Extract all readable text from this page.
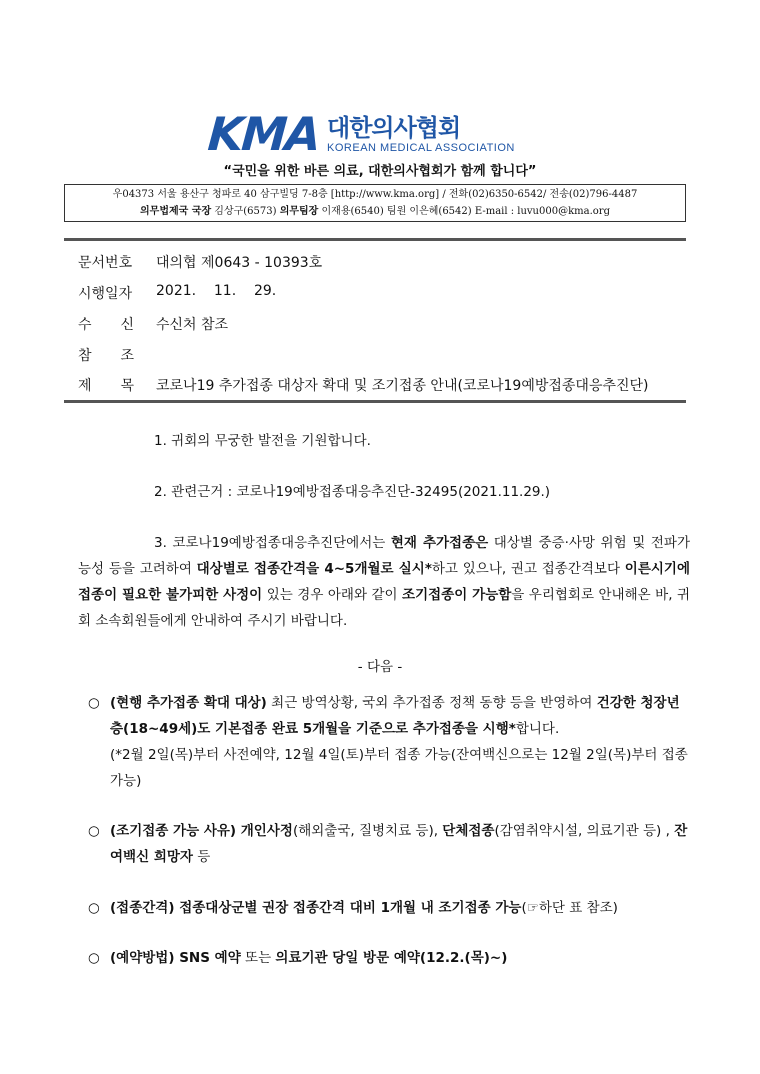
KMA 대한의사협회
KOREAN MEDICAL ASSOCIATION
“국민을 위한 바른 의료, 대한의사협회가 함께 합니다”
우04373 서울 용산구 청파로 40 삼구빌딩 7-8층 [http://www.kma.org] / 전화(02)6350-6542/ 전송(02)796-4487
의무법제국 국장 김상구(6573) 의무팀장 이재용(6540) 팀원 이은혜(6542) E-mail : luvu000@kma.org
문서번호	대의협 제0643 - 10393호
시행일자	2021.    11.    29.
수 신 수신처 참조
참 조
제 목 코로나19 추가접종 대상자 확대 및 조기접종 안내(코로나19예방접종대응추진단)
1. 귀회의 무궁한 발전을 기원합니다.
2. 관련근거 : 코로나19예방접종대응추진단-32495(2021.11.29.)
3. 코로나19예방접종대응추진단에서는 현재 추가접종은 대상별 중증·사망 위험 및 전파가능성 등을 고려하여 대상별로 접종간격을 4~5개월로 실시*하고 있으나, 권고 접종간격보다 이른시기에 접종이 필요한 불가피한 사정이 있는 경우 아래와 같이 조기접종이 가능함을 우리협회로 안내해온 바, 귀회 소속회원들에게 안내하여 주시기 바랍니다.
- 다음 -
○ (현행 추가접종 확대 대상) 최근 방역상황, 국외 추가접종 정책 동향 등을 반영하여 건강한 청장년층(18~49세)도 기본접종 완료 5개월을 기준으로 추가접종을 시행*합니다.
(*2월 2일(목)부터 사전예약, 12월 4일(토)부터 접종 가능(잔여백신으로는 12월 2일(목)부터 접종 가능)
○ (조기접종 가능 사유) 개인사정(해외출국, 질병치료 등), 단체접종(감염취약시설, 의료기관 등) , 잔여백신 희망자 등
○ (접종간격) 접종대상군별 권장 접종간격 대비 1개월 내 조기접종 가능(☞하단 표 참조)
○ (예약방법) SNS 예약 또는 의료기관 당일 방문 예약(12.2.(목)~)
